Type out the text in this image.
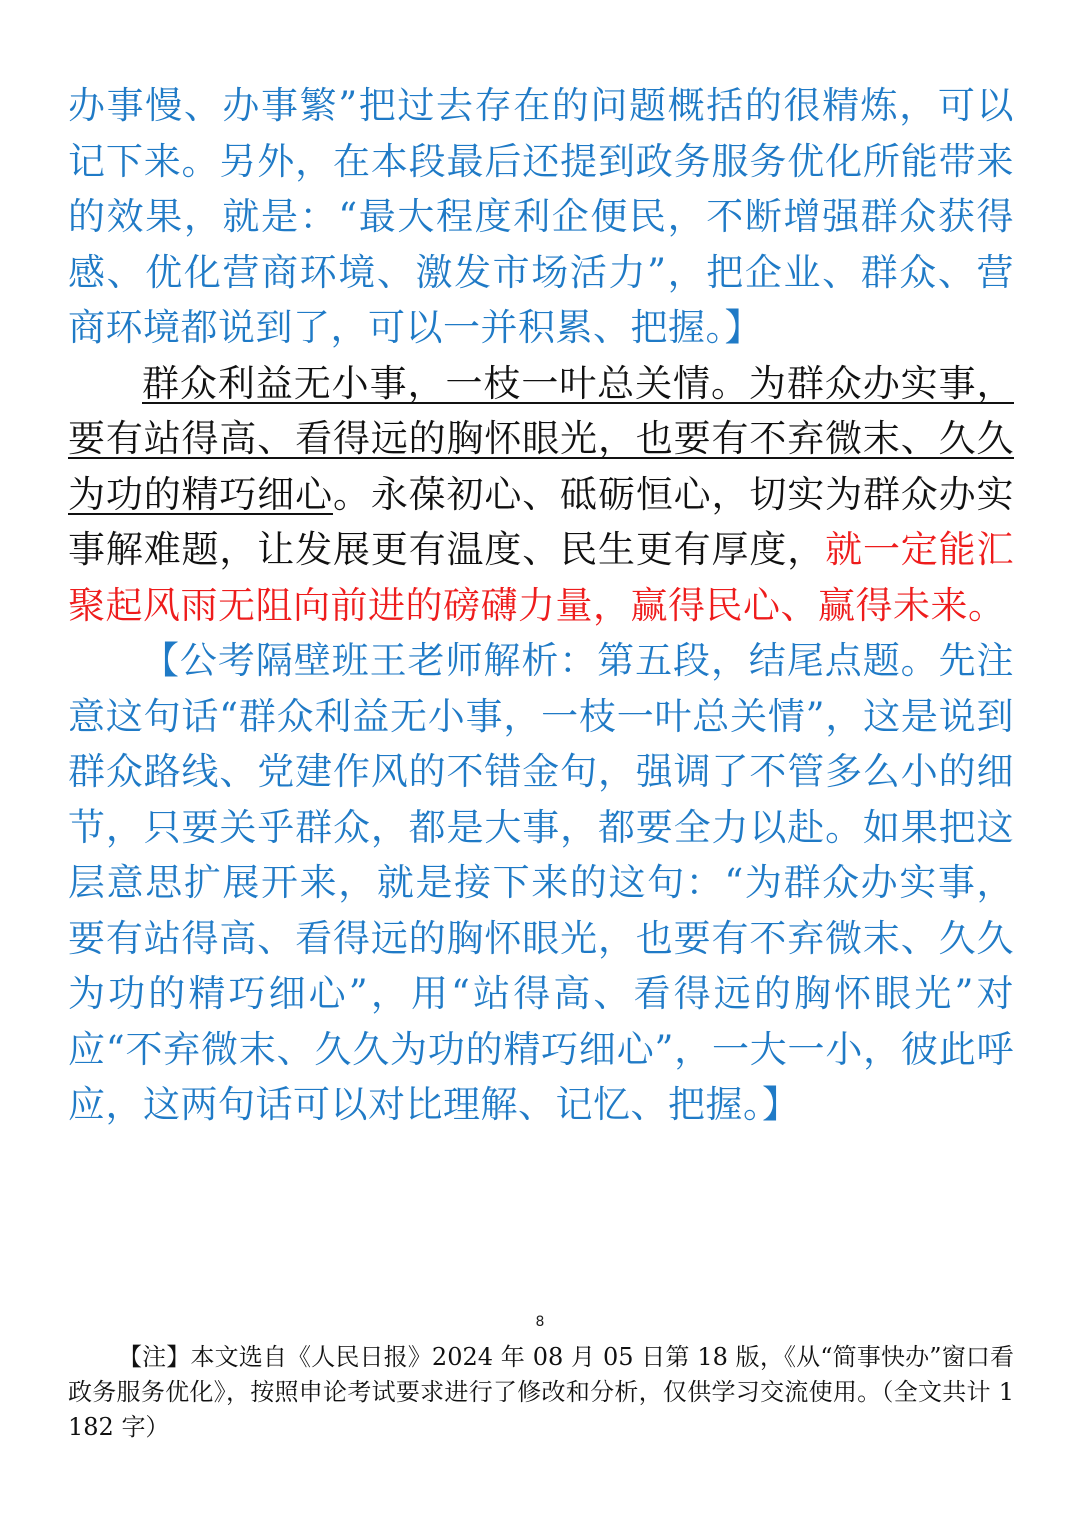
办事慢、办事繁”把过去存在的问题概括的很精炼，可以记下来。另外，在本段最后还提到政务服务优化所能带来的效果，就是：“最大程度利企便民，不断增强群众获得感、优化营商环境、激发市场活力”，把企业、群众、营商环境都说到了，可以一并积累、把握。】

群众利益无小事，一枝一叶总关情。为群众办实事，要有站得高、看得远的胸怀眼光，也要有不弃微末、久久为功的精巧细心。永葆初心、砥砺恒心，切实为群众办实事解难题，让发展更有温度、民生更有厚度，就一定能汇聚起风雨无阻向前进的磅礴力量，赢得民心、赢得未来。

【公考隔壁班王老师解析：第五段，结尾点题。先注意这句话“群众利益无小事，一枝一叶总关情”，这是说到群众路线、党建作风的不错金句，强调了不管多么小的细节，只要关乎群众，都是大事，都要全力以赴。如果把这层意思扩展开来，就是接下来的这句：“为群众办实事，要有站得高、看得远的胸怀眼光，也要有不弃微末、久久为功的精巧细心”，用“站得高、看得远的胸怀眼光”对应“不弃微末、久久为功的精巧细心”，一大一小，彼此呼应，这两句话可以对比理解、记忆、把握。】

8

【注】本文选自《人民日报》2024 年 08 月 05 日第 18 版，《从“简事快办”窗口看政务服务优化》，按照申论考试要求进行了修改和分析，仅供学习交流使用。（全文共计 1182 字）
